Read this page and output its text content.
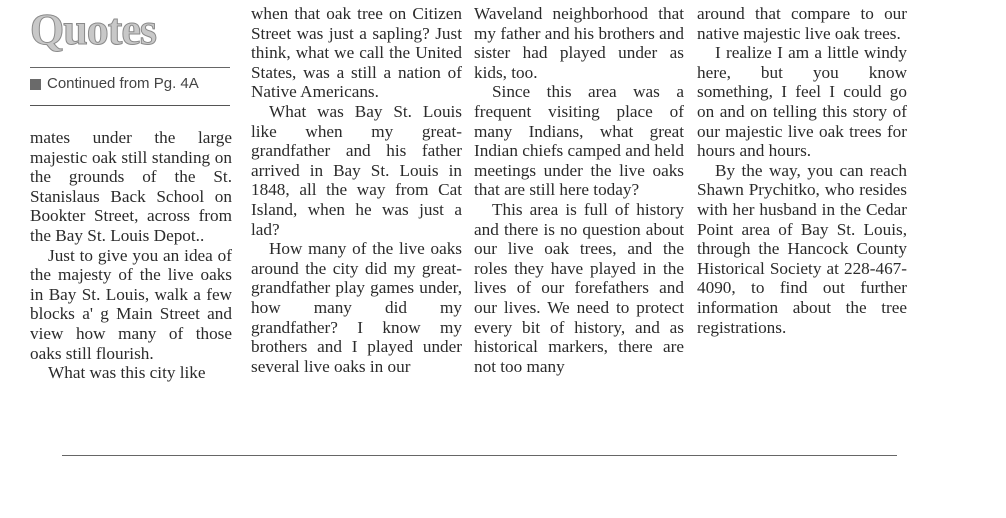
Quotes
Continued from Pg. 4A

mates under the large majestic oak still standing on the grounds of the St. Stanislaus Back School on Bookter Street, across from the Bay St. Louis Depot..

Just to give you an idea of the majesty of the live oaks in Bay St. Louis, walk a few blocks a' g Main Street and view how many of those oaks still flourish.

What was this city like

when that oak tree on Citizen Street was just a sapling? Just think, what we call the United States, was a still a nation of Native Americans.

What was Bay St. Louis like when my great-grandfather and his father arrived in Bay St. Louis in 1848, all the way from Cat Island, when he was just a lad?

How many of the live oaks around the city did my great-grandfather play games under, how many did my grandfather? I know my brothers and I played under several live oaks in our

Waveland neighborhood that my father and his brothers and sister had played under as kids, too.

Since this area was a frequent visiting place of many Indians, what great Indian chiefs camped and held meetings under the live oaks that are still here today?

This area is full of history and there is no question about our live oak trees, and the roles they have played in the lives of our forefathers and our lives. We need to protect every bit of history, and as historical markers, there are not too many

around that compare to our native majestic live oak trees.

I realize I am a little windy here, but you know something, I feel I could go on and on telling this story of our majestic live oak trees for hours and hours.

By the way, you can reach Shawn Prychitko, who resides with her husband in the Cedar Point area of Bay St. Louis, through the Hancock County Historical Society at 228-467-4090, to find out further information about the tree registrations.
